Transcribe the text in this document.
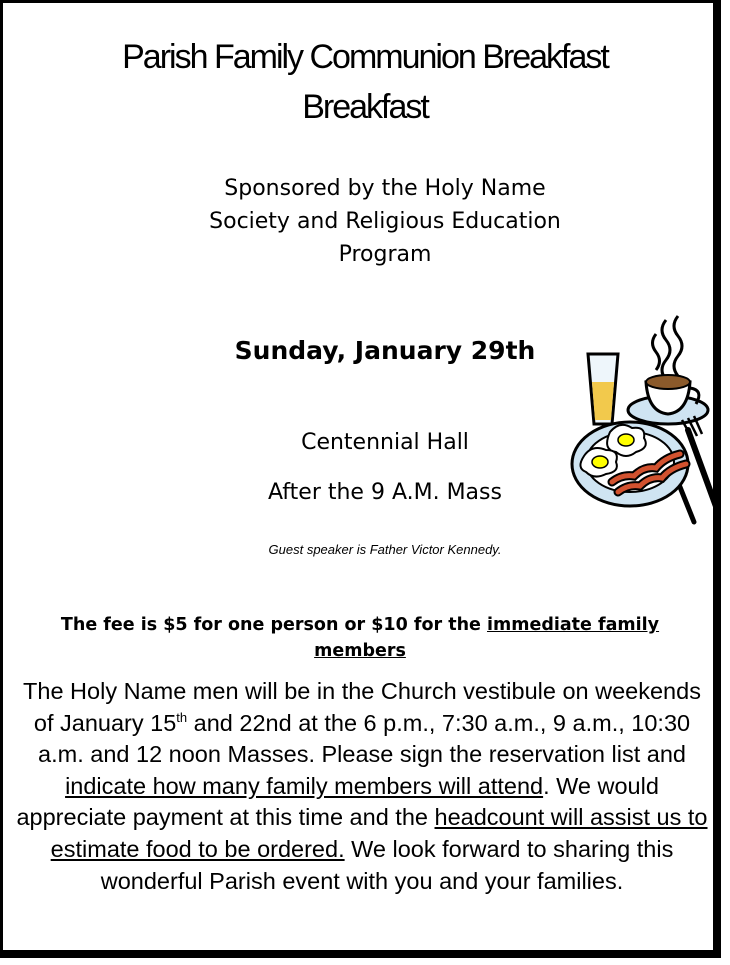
Parish Family Communion Breakfast
Breakfast
Sponsored by the Holy Name
Society and Religious Education
Program
Sunday, January 29th
Centennial Hall
After the 9 A.M. Mass
Guest speaker is Father Victor Kennedy.
The fee is $5 for one person or $10 for the immediate family members
The Holy Name men will be in the Church vestibule on weekends of January 15th and 22nd at the 6 p.m., 7:30 a.m., 9 a.m., 10:30 a.m. and 12 noon Masses. Please sign the reservation list and indicate how many family members will attend. We would appreciate payment at this time and the headcount will assist us to estimate food to be ordered. We look forward to sharing this wonderful Parish event with you and your families.
